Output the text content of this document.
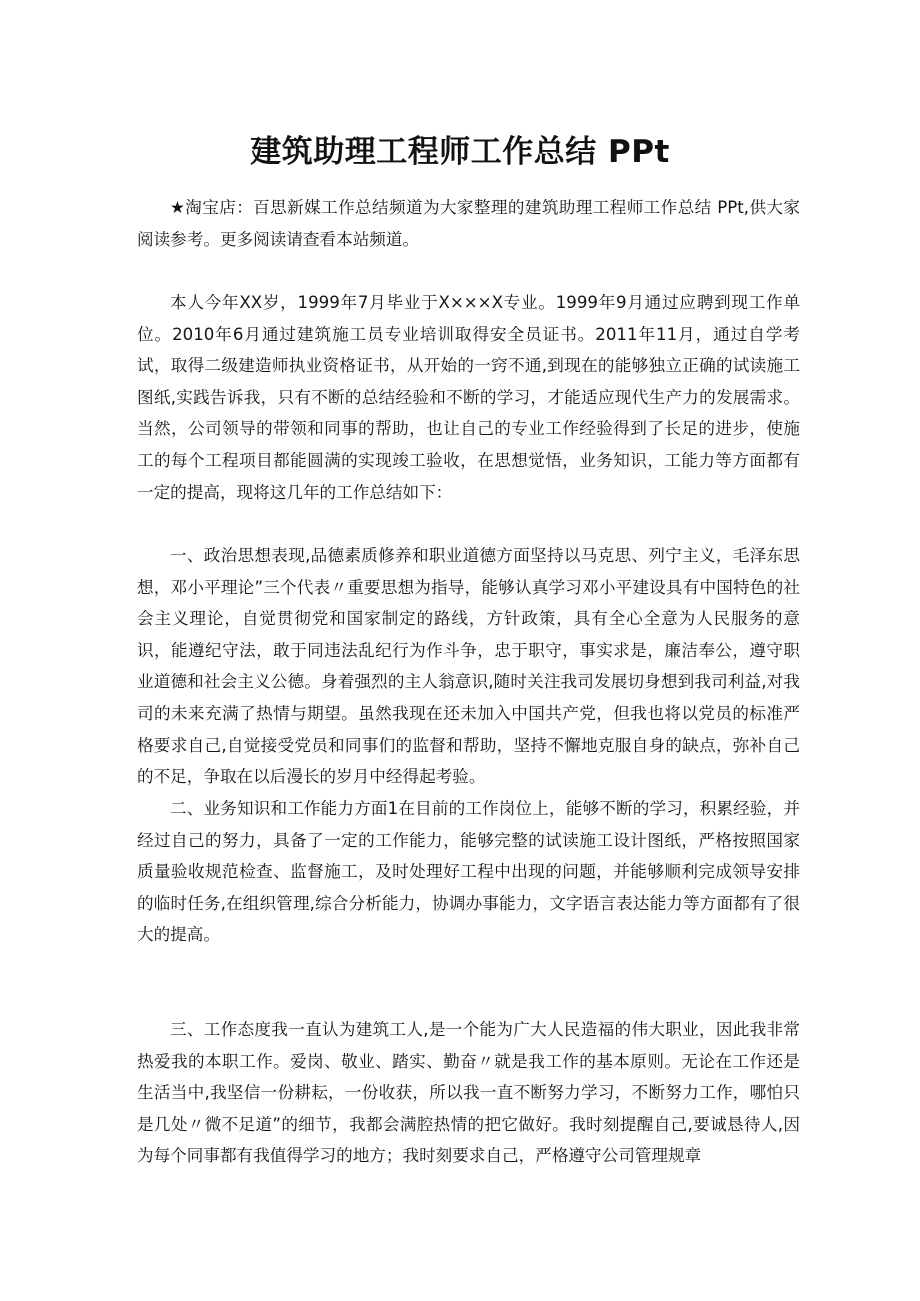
建筑助理工程师工作总结 PPt

★淘宝店：百思新媒工作总结频道为大家整理的建筑助理工程师工作总结 PPt,供大家阅读参考。更多阅读请查看本站频道。

本人今年XX岁，1999年7月毕业于X×××X专业。1999年9月通过应聘到现工作单位。2010年6月通过建筑施工员专业培训取得安全员证书。2011年11月，通过自学考试，取得二级建造师执业资格证书，从开始的一窍不通,到现在的能够独立正确的试读施工图纸,实践告诉我，只有不断的总结经验和不断的学习，才能适应现代生产力的发展需求。当然，公司领导的带领和同事的帮助，也让自己的专业工作经验得到了长足的进步，使施工的每个工程项目都能圆满的实现竣工验收，在思想觉悟，业务知识，工能力等方面都有一定的提高，现将这几年的工作总结如下：

一、政治思想表现,品德素质修养和职业道德方面坚持以马克思、列宁主义，毛泽东思想，邓小平理论”三个代表〃重要思想为指导，能够认真学习邓小平建设具有中国特色的社会主义理论，自觉贯彻党和国家制定的路线，方针政策，具有全心全意为人民服务的意识，能遵纪守法，敢于同违法乱纪行为作斗争，忠于职守，事实求是，廉洁奉公，遵守职业道德和社会主义公德。身着强烈的主人翁意识,随时关注我司发展切身想到我司利益,对我司的未来充满了热情与期望。虽然我现在还未加入中国共产党，但我也将以党员的标准严格要求自己,自觉接受党员和同事们的监督和帮助，坚持不懈地克服自身的缺点，弥补自己的不足，争取在以后漫长的岁月中经得起考验。

二、业务知识和工作能力方面1在目前的工作岗位上，能够不断的学习，积累经验，并经过自己的努力，具备了一定的工作能力，能够完整的试读施工设计图纸，严格按照国家质量验收规范检查、监督施工，及时处理好工程中出现的问题，并能够顺利完成领导安排的临时任务,在组织管理,综合分析能力，协调办事能力，文字语言表达能力等方面都有了很大的提高。

三、工作态度我一直认为建筑工人,是一个能为广大人民造福的伟大职业，因此我非常热爱我的本职工作。爱岗、敬业、踏实、勤奋〃就是我工作的基本原则。无论在工作还是生活当中,我坚信一份耕耘，一份收获，所以我一直不断努力学习，不断努力工作，哪怕只是几处〃微不足道”的细节，我都会满腔热情的把它做好。我时刻提醒自己,要诚恳待人,因为每个同事都有我值得学习的地方；我时刻要求自己，严格遵守公司管理规章
